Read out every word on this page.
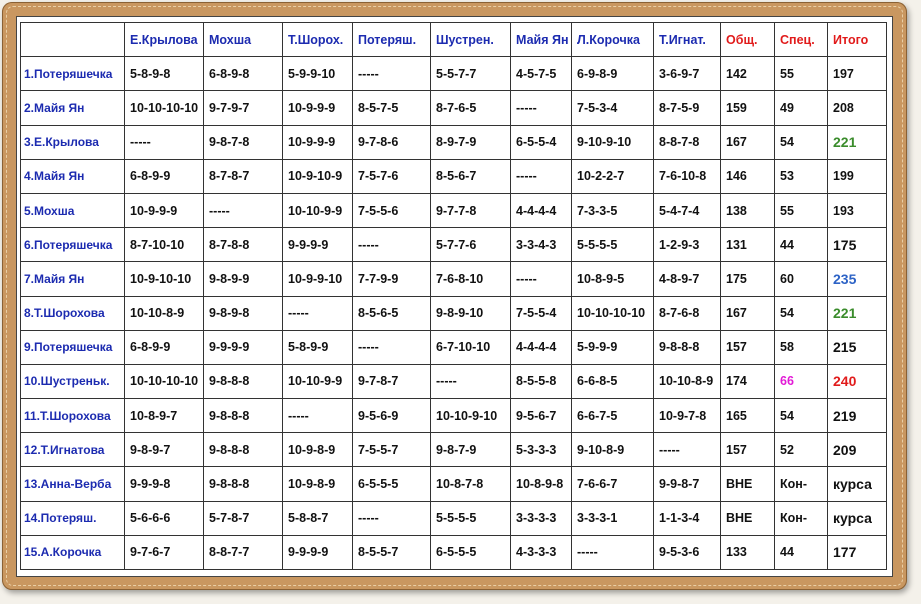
	Е.Крылова	Мохша	Т.Шорох.	Потеряш.	Шустрен.	Майя Ян	Л.Корочка	Т.Игнат.	Общ.	Спец.	Итого
1.Потеряшечка	5-8-9-8	6-8-9-8	5-9-9-10	-----	5-5-7-7	4-5-7-5	6-9-8-9	3-6-9-7	142	55	197
2.Майя Ян	10-10-10-10	9-7-9-7	10-9-9-9	8-5-7-5	8-7-6-5	-----	7-5-3-4	8-7-5-9	159	49	208
3.Е.Крылова	-----	9-8-7-8	10-9-9-9	9-7-8-6	8-9-7-9	6-5-5-4	9-10-9-10	8-8-7-8	167	54	221
4.Майя Ян	6-8-9-9	8-7-8-7	10-9-10-9	7-5-7-6	8-5-6-7	-----	10-2-2-7	7-6-10-8	146	53	199
5.Мохша	10-9-9-9	-----	10-10-9-9	7-5-5-6	9-7-7-8	4-4-4-4	7-3-3-5	5-4-7-4	138	55	193
6.Потеряшечка	8-7-10-10	8-7-8-8	9-9-9-9	-----	5-7-7-6	3-3-4-3	5-5-5-5	1-2-9-3	131	44	175
7.Майя Ян	10-9-10-10	9-8-9-9	10-9-9-10	7-7-9-9	7-6-8-10	-----	10-8-9-5	4-8-9-7	175	60	235
8.Т.Шорохова	10-10-8-9	9-8-9-8	-----	8-5-6-5	9-8-9-10	7-5-5-4	10-10-10-10	8-7-6-8	167	54	221
9.Потеряшечка	6-8-9-9	9-9-9-9	5-8-9-9	-----	6-7-10-10	4-4-4-4	5-9-9-9	9-8-8-8	157	58	215
10.Шустреньк.	10-10-10-10	9-8-8-8	10-10-9-9	9-7-8-7	-----	8-5-5-8	6-6-8-5	10-10-8-9	174	66	240
11.Т.Шорохова	10-8-9-7	9-8-8-8	-----	9-5-6-9	10-10-9-10	9-5-6-7	6-6-7-5	10-9-7-8	165	54	219
12.Т.Игнатова	9-8-9-7	9-8-8-8	10-9-8-9	7-5-5-7	9-8-7-9	5-3-3-3	9-10-8-9	-----	157	52	209
13.Анна-Верба	9-9-9-8	9-8-8-8	10-9-8-9	6-5-5-5	10-8-7-8	10-8-9-8	7-6-6-7	9-9-8-7	ВНЕ	Кон-	курса
14.Потеряш.	5-6-6-6	5-7-8-7	5-8-8-7	-----	5-5-5-5	3-3-3-3	3-3-3-1	1-1-3-4	ВНЕ	Кон-	курса
15.А.Корочка	9-7-6-7	8-8-7-7	9-9-9-9	8-5-5-7	6-5-5-5	4-3-3-3	-----	9-5-3-6	133	44	177
